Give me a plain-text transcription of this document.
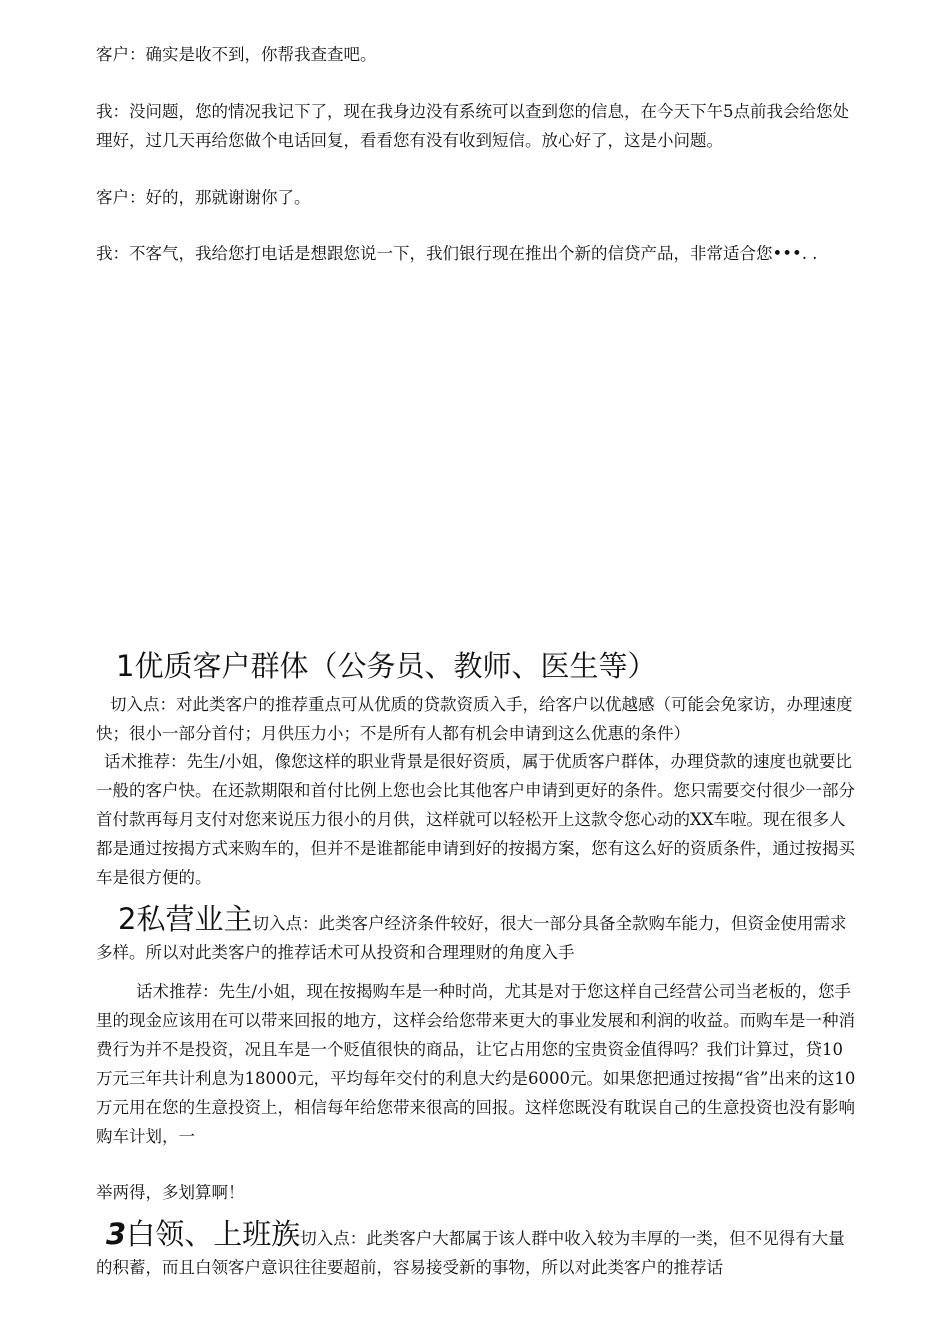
客户：确实是收不到，你帮我查查吧。

我：没问题，您的情况我记下了，现在我身边没有系统可以查到您的信息，在今天下午5点前我会给您处理好，过几天再给您做个电话回复，看看您有没有收到短信。放心好了，这是小问题。

客户：好的，那就谢谢你了。

我：不客气，我给您打电话是想跟您说一下，我们银行现在推出个新的信贷产品，非常适合您•••. .

1优质客户群体（公务员、教师、医生等）

切入点：对此类客户的推荐重点可从优质的贷款资质入手，给客户以优越感（可能会免家访，办理速度快；很小一部分首付；月供压力小；不是所有人都有机会申请到这么优惠的条件）

话术推荐：先生/小姐，像您这样的职业背景是很好资质，属于优质客户群体，办理贷款的速度也就要比一般的客户快。在还款期限和首付比例上您也会比其他客户申请到更好的条件。您只需要交付很少一部分首付款再每月支付对您来说压力很小的月供，这样就可以轻松开上这款令您心动的XX车啦。现在很多人都是通过按揭方式来购车的，但并不是谁都能申请到好的按揭方案，您有这么好的资质条件，通过按揭买车是很方便的。

2私营业主切入点：此类客户经济条件较好，很大一部分具备全款购车能力，但资金使用需求多样。所以对此类客户的推荐话术可从投资和合理理财的角度入手

话术推荐：先生/小姐，现在按揭购车是一种时尚，尤其是对于您这样自己经营公司当老板的，您手里的现金应该用在可以带来回报的地方，这样会给您带来更大的事业发展和利润的收益。而购车是一种消费行为并不是投资，况且车是一个贬值很快的商品，让它占用您的宝贵资金值得吗？我们计算过，贷10万元三年共计利息为18000元，平均每年交付的利息大约是6000元。如果您把通过按揭“省”出来的这10万元用在您的生意投资上，相信每年给您带来很高的回报。这样您既没有耽误自己的生意投资也没有影响购车计划，一

举两得，多划算啊！

3白领、上班族切入点：此类客户大都属于该人群中收入较为丰厚的一类，但不见得有大量的积蓄，而且白领客户意识往往要超前，容易接受新的事物，所以对此类客户的推荐话
